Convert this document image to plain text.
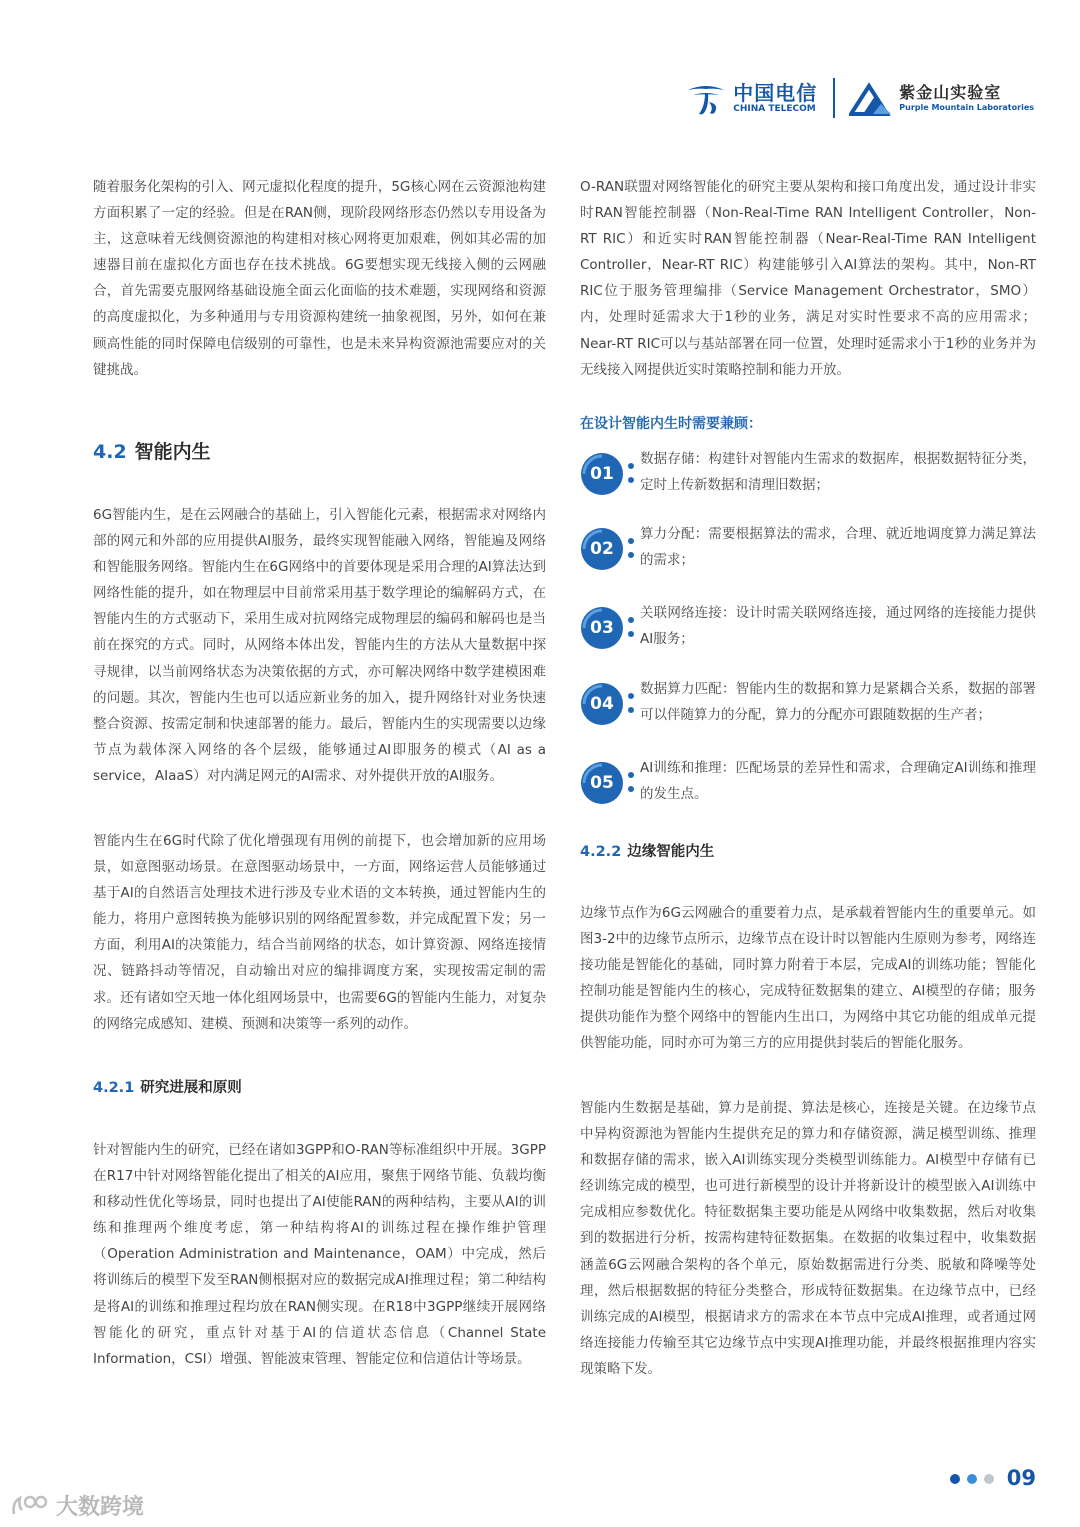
中国电信
CHINA TELECOM
紫金山实验室
Purple Mountain Laboratories

随着服务化架构的引入、网元虚拟化程度的提升，5G核心网在云资源池构建方面积累了一定的经验。但是在RAN侧，现阶段网络形态仍然以专用设备为主，这意味着无线侧资源池的构建相对核心网将更加艰难，例如其必需的加速器目前在虚拟化方面也存在技术挑战。6G要想实现无线接入侧的云网融合，首先需要克服网络基础设施全面云化面临的技术难题，实现网络和资源的高度虚拟化，为多种通用与专用资源构建统一抽象视图，另外，如何在兼顾高性能的同时保障电信级别的可靠性，也是未来异构资源池需要应对的关键挑战。

4.2 智能内生

6G智能内生，是在云网融合的基础上，引入智能化元素，根据需求对网络内部的网元和外部的应用提供AI服务，最终实现智能融入网络，智能遍及网络和智能服务网络。智能内生在6G网络中的首要体现是采用合理的AI算法达到网络性能的提升，如在物理层中目前常采用基于数学理论的编解码方式，在智能内生的方式驱动下，采用生成对抗网络完成物理层的编码和解码也是当前在探究的方式。同时，从网络本体出发，智能内生的方法从大量数据中探寻规律，以当前网络状态为决策依据的方式，亦可解决网络中数学建模困难的问题。其次，智能内生也可以适应新业务的加入，提升网络针对业务快速整合资源、按需定制和快速部署的能力。最后，智能内生的实现需要以边缘节点为载体深入网络的各个层级，能够通过AI即服务的模式（AI as a service，AIaaS）对内满足网元的AI需求、对外提供开放的AI服务。

智能内生在6G时代除了优化增强现有用例的前提下，也会增加新的应用场景，如意图驱动场景。在意图驱动场景中，一方面，网络运营人员能够通过基于AI的自然语言处理技术进行涉及专业术语的文本转换，通过智能内生的能力，将用户意图转换为能够识别的网络配置参数，并完成配置下发；另一方面，利用AI的决策能力，结合当前网络的状态，如计算资源、网络连接情况、链路抖动等情况，自动输出对应的编排调度方案，实现按需定制的需求。还有诸如空天地一体化组网场景中，也需要6G的智能内生能力，对复杂的网络完成感知、建模、预测和决策等一系列的动作。

4.2.1 研究进展和原则

针对智能内生的研究，已经在诸如3GPP和O-RAN等标准组织中开展。3GPP在R17中针对网络智能化提出了相关的AI应用，聚焦于网络节能、负载均衡和移动性优化等场景，同时也提出了AI使能RAN的两种结构，主要从AI的训练和推理两个维度考虑，第一种结构将AI的训练过程在操作维护管理（Operation Administration and Maintenance，OAM）中完成，然后将训练后的模型下发至RAN侧根据对应的数据完成AI推理过程；第二种结构是将AI的训练和推理过程均放在RAN侧实现。在R18中3GPP继续开展网络智能化的研究，重点针对基于AI的信道状态信息（Channel State Information，CSI）增强、智能波束管理、智能定位和信道估计等场景。

O-RAN联盟对网络智能化的研究主要从架构和接口角度出发，通过设计非实时RAN智能控制器（Non-Real-Time RAN Intelligent Controller，Non-RT RIC）和近实时RAN智能控制器（Near-Real-Time RAN Intelligent Controller，Near-RT RIC）构建能够引入AI算法的架构。其中，Non-RT RIC位于服务管理编排（Service Management Orchestrator，SMO）内，处理时延需求大于1秒的业务，满足对实时性要求不高的应用需求；Near-RT RIC可以与基站部署在同一位置，处理时延需求小于1秒的业务并为无线接入网提供近实时策略控制和能力开放。

在设计智能内生时需要兼顾：
01
数据存储：构建针对智能内生需求的数据库，根据数据特征分类，定时上传新数据和清理旧数据；
02
算力分配：需要根据算法的需求，合理、就近地调度算力满足算法的需求；
03
关联网络连接：设计时需关联网络连接，通过网络的连接能力提供AI服务；
04
数据算力匹配：智能内生的数据和算力是紧耦合关系，数据的部署可以伴随算力的分配，算力的分配亦可跟随数据的生产者；
05
AI训练和推理：匹配场景的差异性和需求，合理确定AI训练和推理的发生点。
4.2.2 边缘智能内生

边缘节点作为6G云网融合的重要着力点，是承载着智能内生的重要单元。如图3-2中的边缘节点所示，边缘节点在设计时以智能内生原则为参考，网络连接功能是智能化的基础，同时算力附着于本层，完成AI的训练功能；智能化控制功能是智能内生的核心，完成特征数据集的建立、AI模型的存储；服务提供功能作为整个网络中的智能内生出口，为网络中其它功能的组成单元提供智能功能，同时亦可为第三方的应用提供封装后的智能化服务。

智能内生数据是基础，算力是前提、算法是核心，连接是关键。在边缘节点中异构资源池为智能内生提供充足的算力和存储资源，满足模型训练、推理和数据存储的需求，嵌入AI训练实现分类模型训练能力。AI模型中存储有已经训练完成的模型，也可进行新模型的设计并将新设计的模型嵌入AI训练中完成相应参数优化。特征数据集主要功能是从网络中收集数据，然后对收集到的数据进行分析，按需构建特征数据集。在数据的收集过程中，收集数据涵盖6G云网融合架构的各个单元，原始数据需进行分类、脱敏和降噪等处理，然后根据数据的特征分类整合，形成特征数据集。在边缘节点中，已经训练完成的AI模型，根据请求方的需求在本节点中完成AI推理，或者通过网络连接能力传输至其它边缘节点中实现AI推理功能，并最终根据推理内容实现策略下发。

09
大数跨境
